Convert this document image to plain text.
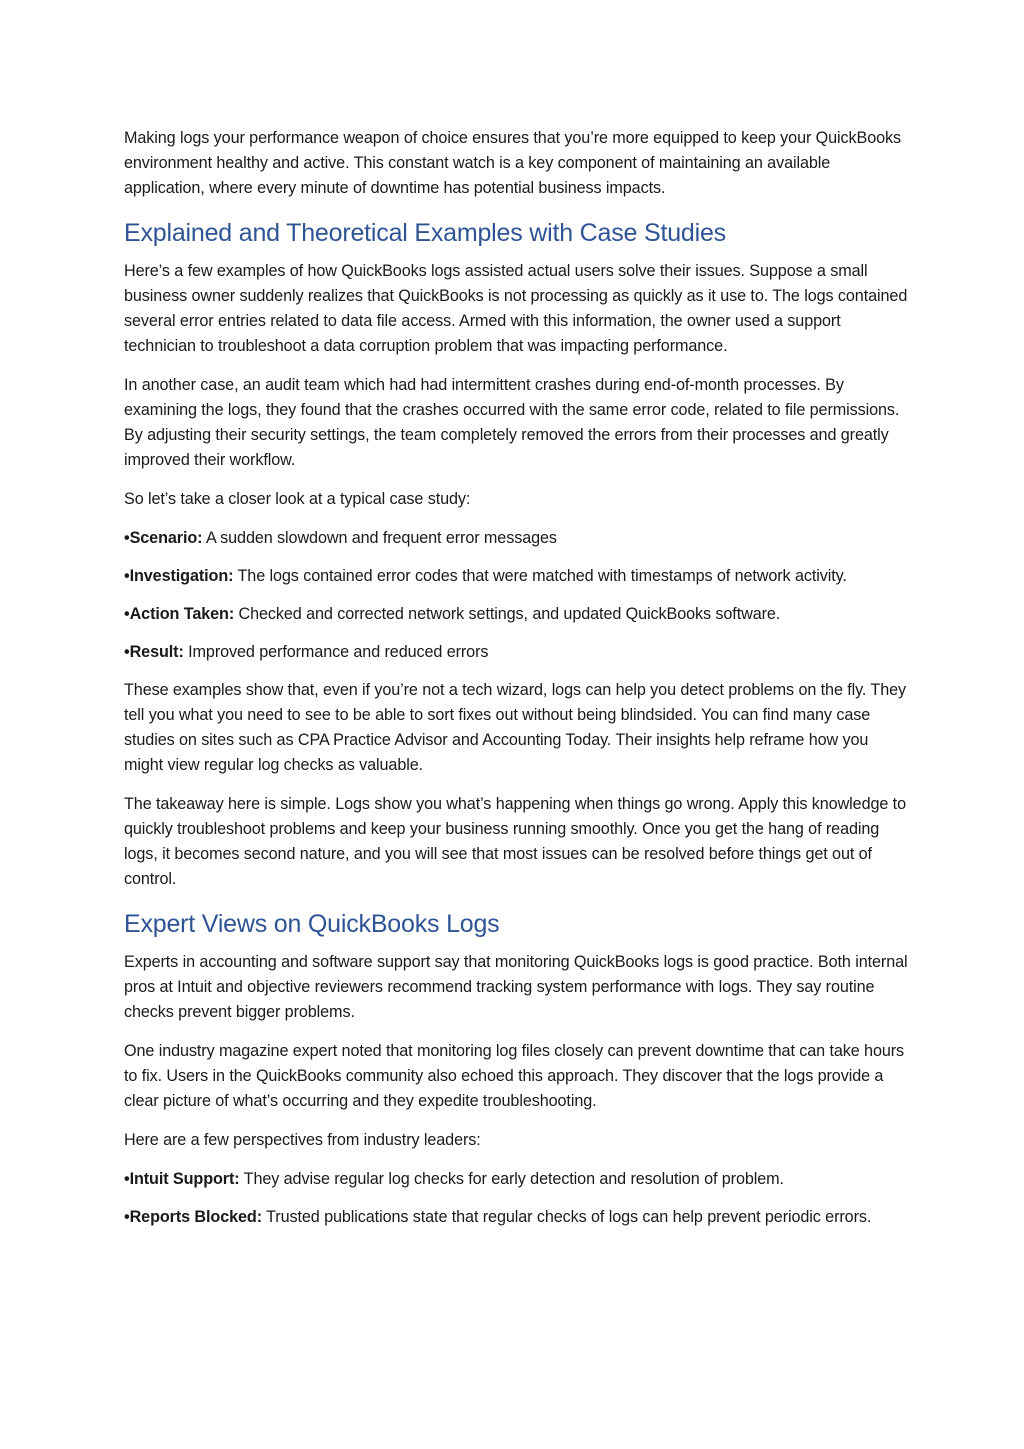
Making logs your performance weapon of choice ensures that you’re more equipped to keep your QuickBooks environment healthy and active. This constant watch is a key component of maintaining an available application, where every minute of downtime has potential business impacts.

Explained and Theoretical Examples with Case Studies

Here’s a few examples of how QuickBooks logs assisted actual users solve their issues. Suppose a small business owner suddenly realizes that QuickBooks is not processing as quickly as it use to. The logs contained several error entries related to data file access. Armed with this information, the owner used a support technician to troubleshoot a data corruption problem that was impacting performance.

In another case, an audit team which had had intermittent crashes during end-of-month processes. By examining the logs, they found that the crashes occurred with the same error code, related to file permissions. By adjusting their security settings, the team completely removed the errors from their processes and greatly improved their workflow.

So let’s take a closer look at a typical case study:

•Scenario: A sudden slowdown and frequent error messages

•Investigation: The logs contained error codes that were matched with timestamps of network activity.

•Action Taken: Checked and corrected network settings, and updated QuickBooks software.

•Result: Improved performance and reduced errors

These examples show that, even if you’re not a tech wizard, logs can help you detect problems on the fly. They tell you what you need to see to be able to sort fixes out without being blindsided. You can find many case studies on sites such as CPA Practice Advisor and Accounting Today. Their insights help reframe how you might view regular log checks as valuable.

The takeaway here is simple. Logs show you what’s happening when things go wrong. Apply this knowledge to quickly troubleshoot problems and keep your business running smoothly. Once you get the hang of reading logs, it becomes second nature, and you will see that most issues can be resolved before things get out of control.

Expert Views on QuickBooks Logs

Experts in accounting and software support say that monitoring QuickBooks logs is good practice. Both internal pros at Intuit and objective reviewers recommend tracking system performance with logs. They say routine checks prevent bigger problems.

One industry magazine expert noted that monitoring log files closely can prevent downtime that can take hours to fix. Users in the QuickBooks community also echoed this approach. They discover that the logs provide a clear picture of what’s occurring and they expedite troubleshooting.

Here are a few perspectives from industry leaders:

•Intuit Support: They advise regular log checks for early detection and resolution of problem.

•Reports Blocked: Trusted publications state that regular checks of logs can help prevent periodic errors.
